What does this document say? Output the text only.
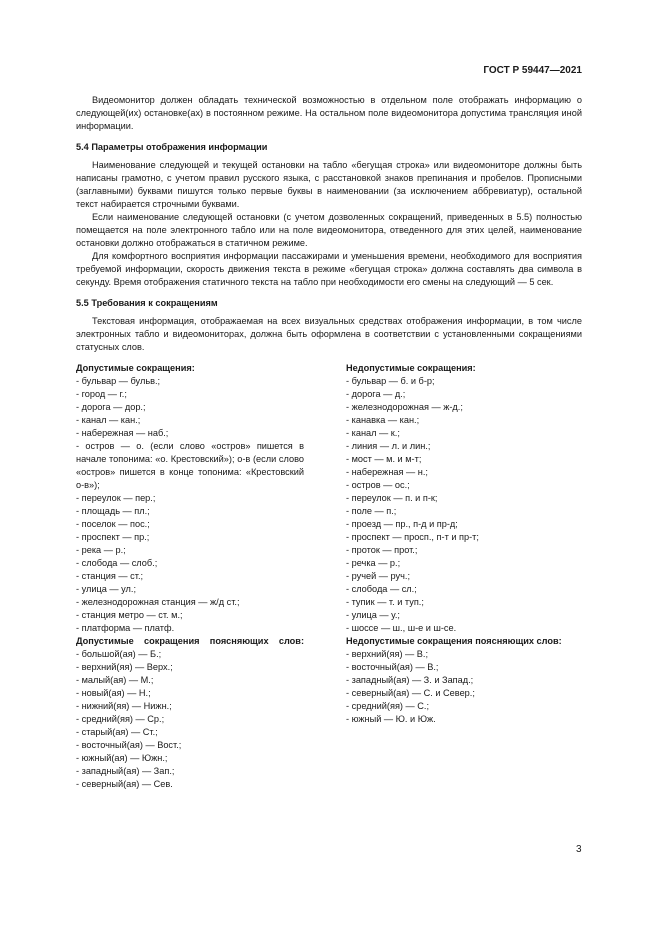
ГОСТ Р 59447—2021

Видеомонитор должен обладать технической возможностью в отдельном поле отображать информацию о следующей(их) остановке(ах) в постоянном режиме. На остальном поле видеомонитора допустима трансляция иной информации.

5.4 Параметры отображения информации

Наименование следующей и текущей остановки на табло «бегущая строка» или видеомониторе должны быть написаны грамотно, с учетом правил русского языка, с расстановкой знаков препинания и пробелов. Прописными (заглавными) буквами пишутся только первые буквы в наименовании (за исключением аббревиатур), остальной текст набирается строчными буквами.

Если наименование следующей остановки (с учетом дозволенных сокращений, приведенных в 5.5) полностью помещается на поле электронного табло или на поле видеомонитора, отведенного для этих целей, наименование остановки должно отображаться в статичном режиме.

Для комфортного восприятия информации пассажирами и уменьшения времени, необходимого для восприятия требуемой информации, скорость движения текста в режиме «бегущая строка» должна составлять два символа в секунду. Время отображения статичного текста на табло при необходимости его смены на следующий — 5 сек.

5.5 Требования к сокращениям

Текстовая информация, отображаемая на всех визуальных средствах отображения информации, в том числе электронных табло и видеомониторах, должна быть оформлена в соответствии с установленными сокращениями статусных слов.

Допустимые сокращения:
- бульвар — бульв.;
- город — г.;
- дорога — дор.;
- канал — кан.;
- набережная — наб.;
- остров — о. (если слово «остров» пишется в начале топонима: «о. Крестовский»); о-в (если слово «остров» пишется в конце топонима: «Крестовский о-в»);
- переулок — пер.;
- площадь — пл.;
- поселок — пос.;
- проспект — пр.;
- река — р.;
- слобода — слоб.;
- станция — ст.;
- улица — ул.;
- железнодорожная станция — ж/д ст.;
- станция метро — ст. м.;
- платформа — платф.
Допустимые сокращения поясняющих слов:
- большой(ая) — Б.;
- верхний(яя) — Верх.;
- малый(ая) — М.;
- новый(ая) — Н.;
- нижний(яя) — Нижн.;
- средний(яя) — Ср.;
- старый(ая) — Ст.;
- восточный(ая) — Вост.;
- южный(ая) — Южн.;
- западный(ая) — Зап.;
- северный(ая) — Сев.
Недопустимые сокращения:
- бульвар — б. и б-р;
- дорога — д.;
- железнодорожная — ж-д.;
- канавка — кан.;
- канал — к.;
- линия — л. и лин.;
- мост — м. и м-т;
- набережная — н.;
- остров — ос.;
- переулок — п. и п-к;
- поле — п.;
- проезд — пр., п-д и пр-д;
- проспект — просп., п-т и пр-т;
- проток — прот.;
- речка — р.;
- ручей — руч.;
- слобода — сл.;
- тупик — т. и туп.;
- улица — у.;
- шоссе — ш., ш-е и ш-се.
Недопустимые сокращения поясняющих слов:
- верхний(яя) — В.;
- восточный(ая) — В.;
- западный(ая) — З. и Запад.;
- северный(ая) — С. и Север.;
- средний(яя) — С.;
- южный — Ю. и Юж.
3
